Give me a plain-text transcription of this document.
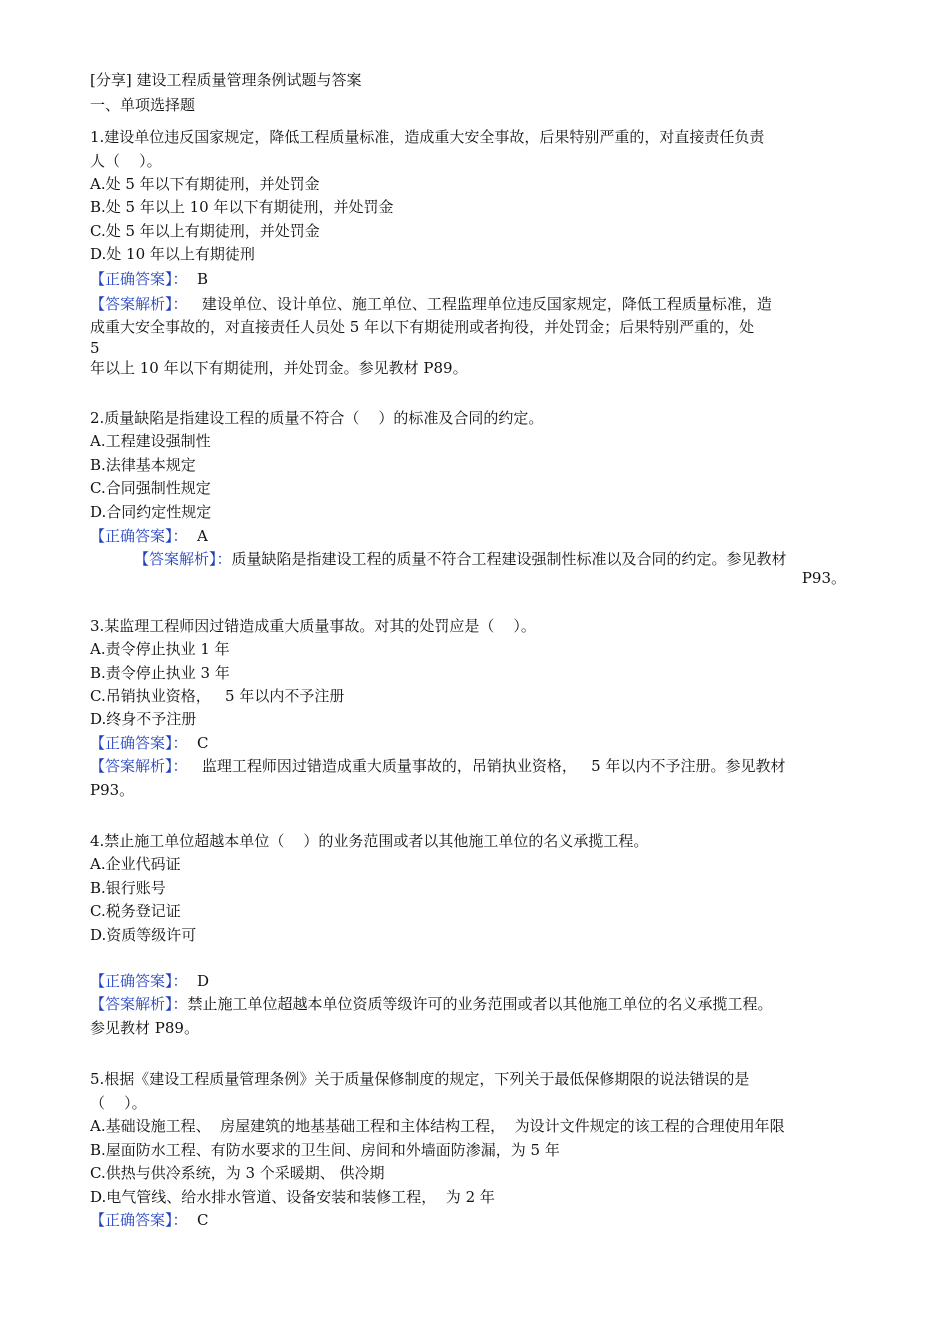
[分享] 建设工程质量管理条例试题与答案
一、单项选择题
1.建设单位违反国家规定，降低工程质量标准，造成重大安全事故，后果特别严重的，对直接责任负责
人（    ）。
A.处 5 年以下有期徒刑，并处罚金
B.处 5 年以上 10 年以下有期徒刑，并处罚金
C.处 5 年以上有期徒刑，并处罚金
D.处 10 年以上有期徒刑
【正确答案】：  B
【答案解析】：   建设单位、设计单位、施工单位、工程监理单位违反国家规定，降低工程质量标准，造
成重大安全事故的，对直接责任人员处 5 年以下有期徒刑或者拘役，并处罚金；后果特别严重的，处
5
年以上 10 年以下有期徒刑，并处罚金。参见教材 P89。
2.质量缺陷是指建设工程的质量不符合（    ）的标准及合同的约定。
A.工程建设强制性
B.法律基本规定
C.合同强制性规定
D.合同约定性规定
【正确答案】：  A
【答案解析】：质量缺陷是指建设工程的质量不符合工程建设强制性标准以及合同的约定。参见教材
P93。
3.某监理工程师因过错造成重大质量事故。对其的处罚应是（    ）。
A.责令停止执业 1 年
B.责令停止执业 3 年
C.吊销执业资格，   5 年以内不予注册
D.终身不予注册
【正确答案】：  C
【答案解析】：   监理工程师因过错造成重大质量事故的，吊销执业资格，   5 年以内不予注册。参见教材
P93。
4.禁止施工单位超越本单位（    ）的业务范围或者以其他施工单位的名义承揽工程。
A.企业代码证
B.银行账号
C.税务登记证
D.资质等级许可
【正确答案】：  D
【答案解析】：禁止施工单位超越本单位资质等级许可的业务范围或者以其他施工单位的名义承揽工程。
参见教材 P89。
5.根据《建设工程质量管理条例》关于质量保修制度的规定，下列关于最低保修期限的说法错误的是
（    ）。
A.基础设施工程、  房屋建筑的地基基础工程和主体结构工程，  为设计文件规定的该工程的合理使用年限
B.屋面防水工程、有防水要求的卫生间、房间和外墙面防渗漏，为 5 年
C.供热与供冷系统，为 3 个采暖期、 供冷期
D.电气管线、给水排水管道、设备安装和装修工程，  为 2 年
【正确答案】：  C
